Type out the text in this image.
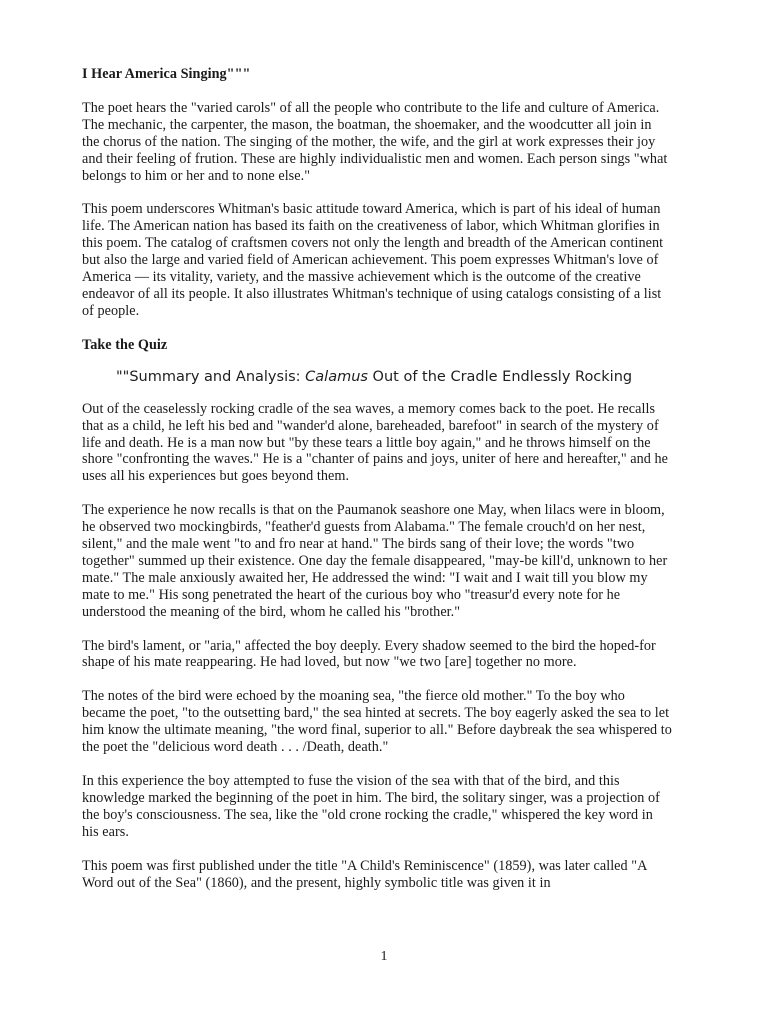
I Hear America Singing"""

The poet hears the "varied carols" of all the people who contribute to the life and culture of America. The mechanic, the carpenter, the mason, the boatman, the shoemaker, and the woodcutter all join in the chorus of the nation. The singing of the mother, the wife, and the girl at work expresses their joy and their feeling of frution. These are highly individualistic men and women. Each person sings "what belongs to him or her and to none else."

This poem underscores Whitman's basic attitude toward America, which is part of his ideal of human life. The American nation has based its faith on the creativeness of labor, which Whitman glorifies in this poem. The catalog of craftsmen covers not only the length and breadth of the American continent but also the large and varied field of American achievement. This poem expresses Whitman's love of America — its vitality, variety, and the massive achievement which is the outcome of the creative endeavor of all its people. It also illustrates Whitman's technique of using catalogs consisting of a list of people.

Take the Quiz

""Summary and Analysis: Calamus Out of the Cradle Endlessly Rocking

Out of the ceaselessly rocking cradle of the sea waves, a memory comes back to the poet. He recalls that as a child, he left his bed and "wander'd alone, bareheaded, barefoot" in search of the mystery of life and death. He is a man now but "by these tears a little boy again," and he throws himself on the shore "confronting the waves." He is a "chanter of pains and joys, uniter of here and hereafter," and he uses all his experiences but goes beyond them.

The experience he now recalls is that on the Paumanok seashore one May, when lilacs were in bloom, he observed two mockingbirds, "feather'd guests from Alabama." The female crouch'd on her nest, silent," and the male went "to and fro near at hand." The birds sang of their love; the words "two together" summed up their existence. One day the female disappeared, "may-be kill'd, unknown to her mate." The male anxiously awaited her, He addressed the wind: "I wait and I wait till you blow my mate to me." His song penetrated the heart of the curious boy who "treasur'd every note for he understood the meaning of the bird, whom he called his "brother."

The bird's lament, or "aria," affected the boy deeply. Every shadow seemed to the bird the hoped-for shape of his mate reappearing. He had loved, but now "we two [are] together no more.

The notes of the bird were echoed by the moaning sea, "the fierce old mother." To the boy who became the poet, "to the outsetting bard," the sea hinted at secrets. The boy eagerly asked the sea to let him know the ultimate meaning, "the word final, superior to all." Before daybreak the sea whispered to the poet the "delicious word death . . . /Death, death."

In this experience the boy attempted to fuse the vision of the sea with that of the bird, and this knowledge marked the beginning of the poet in him. The bird, the solitary singer, was a projection of the boy's consciousness. The sea, like the "old crone rocking the cradle," whispered the key word in his ears.

This poem was first published under the title "A Child's Reminiscence" (1859), was later called "A Word out of the Sea" (1860), and the present, highly symbolic title was given it in

1
